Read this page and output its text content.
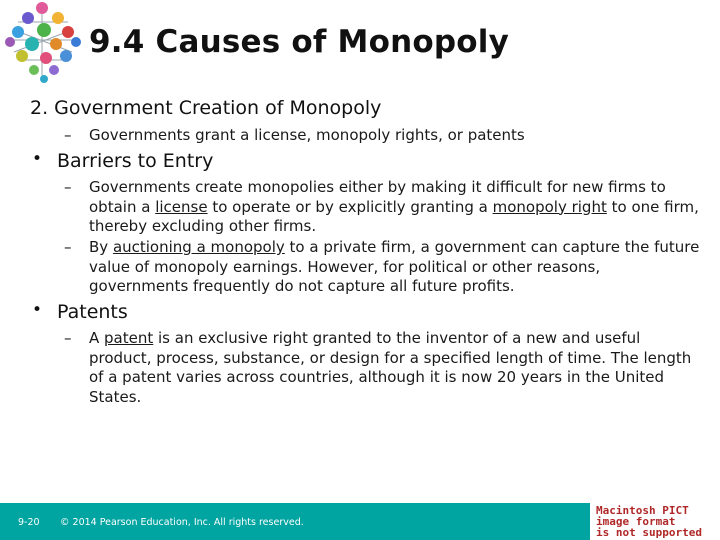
9.4 Causes of Monopoly
2. Government Creation of Monopoly
–	Governments grant a license, monopoly rights, or patents
• Barriers to Entry
–	Governments create monopolies either by making it difficult for new firms to obtain a license to operate or by explicitly granting a monopoly right to one firm, thereby excluding other firms.
–	By auctioning a monopoly to a private firm, a government can capture the future value of monopoly earnings. However, for political or other reasons, governments frequently do not capture all future profits.
• Patents
–	A patent is an exclusive right granted to the inventor of a new and useful product, process, substance, or design for a specified length of time. The length of a patent varies across countries, although it is now 20 years in the United States.
9-20 © 2014 Pearson Education, Inc. All rights reserved.
Macintosh PICT
image format
is not supported
